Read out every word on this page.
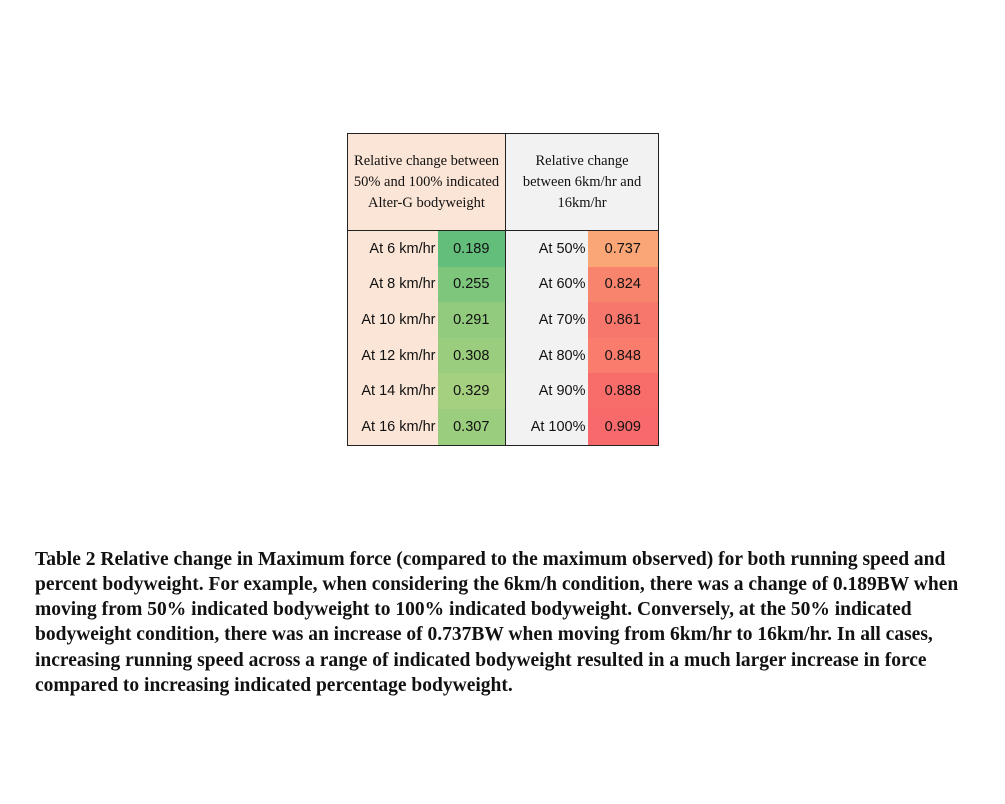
Relative change between 50% and 100% indicated Alter-G bodyweight		Relative change between 6km/hr and 16km/hr	
At 6 km/hr	0.189	At 50%	0.737
At 8 km/hr	0.255	At 60%	0.824
At 10 km/hr	0.291	At 70%	0.861
At 12 km/hr	0.308	At 80%	0.848
At 14 km/hr	0.329	At 90%	0.888
At 16 km/hr	0.307	At 100%	0.909

Table 2 Relative change in Maximum force (compared to the maximum observed) for both running speed and percent bodyweight. For example, when considering the 6km/h condition, there was a change of 0.189BW when moving from 50% indicated bodyweight to 100% indicated bodyweight. Conversely, at the 50% indicated bodyweight condition, there was an increase of 0.737BW when moving from 6km/hr to 16km/hr. In all cases, increasing running speed across a range of indicated bodyweight resulted in a much larger increase in force compared to increasing indicated percentage bodyweight.
